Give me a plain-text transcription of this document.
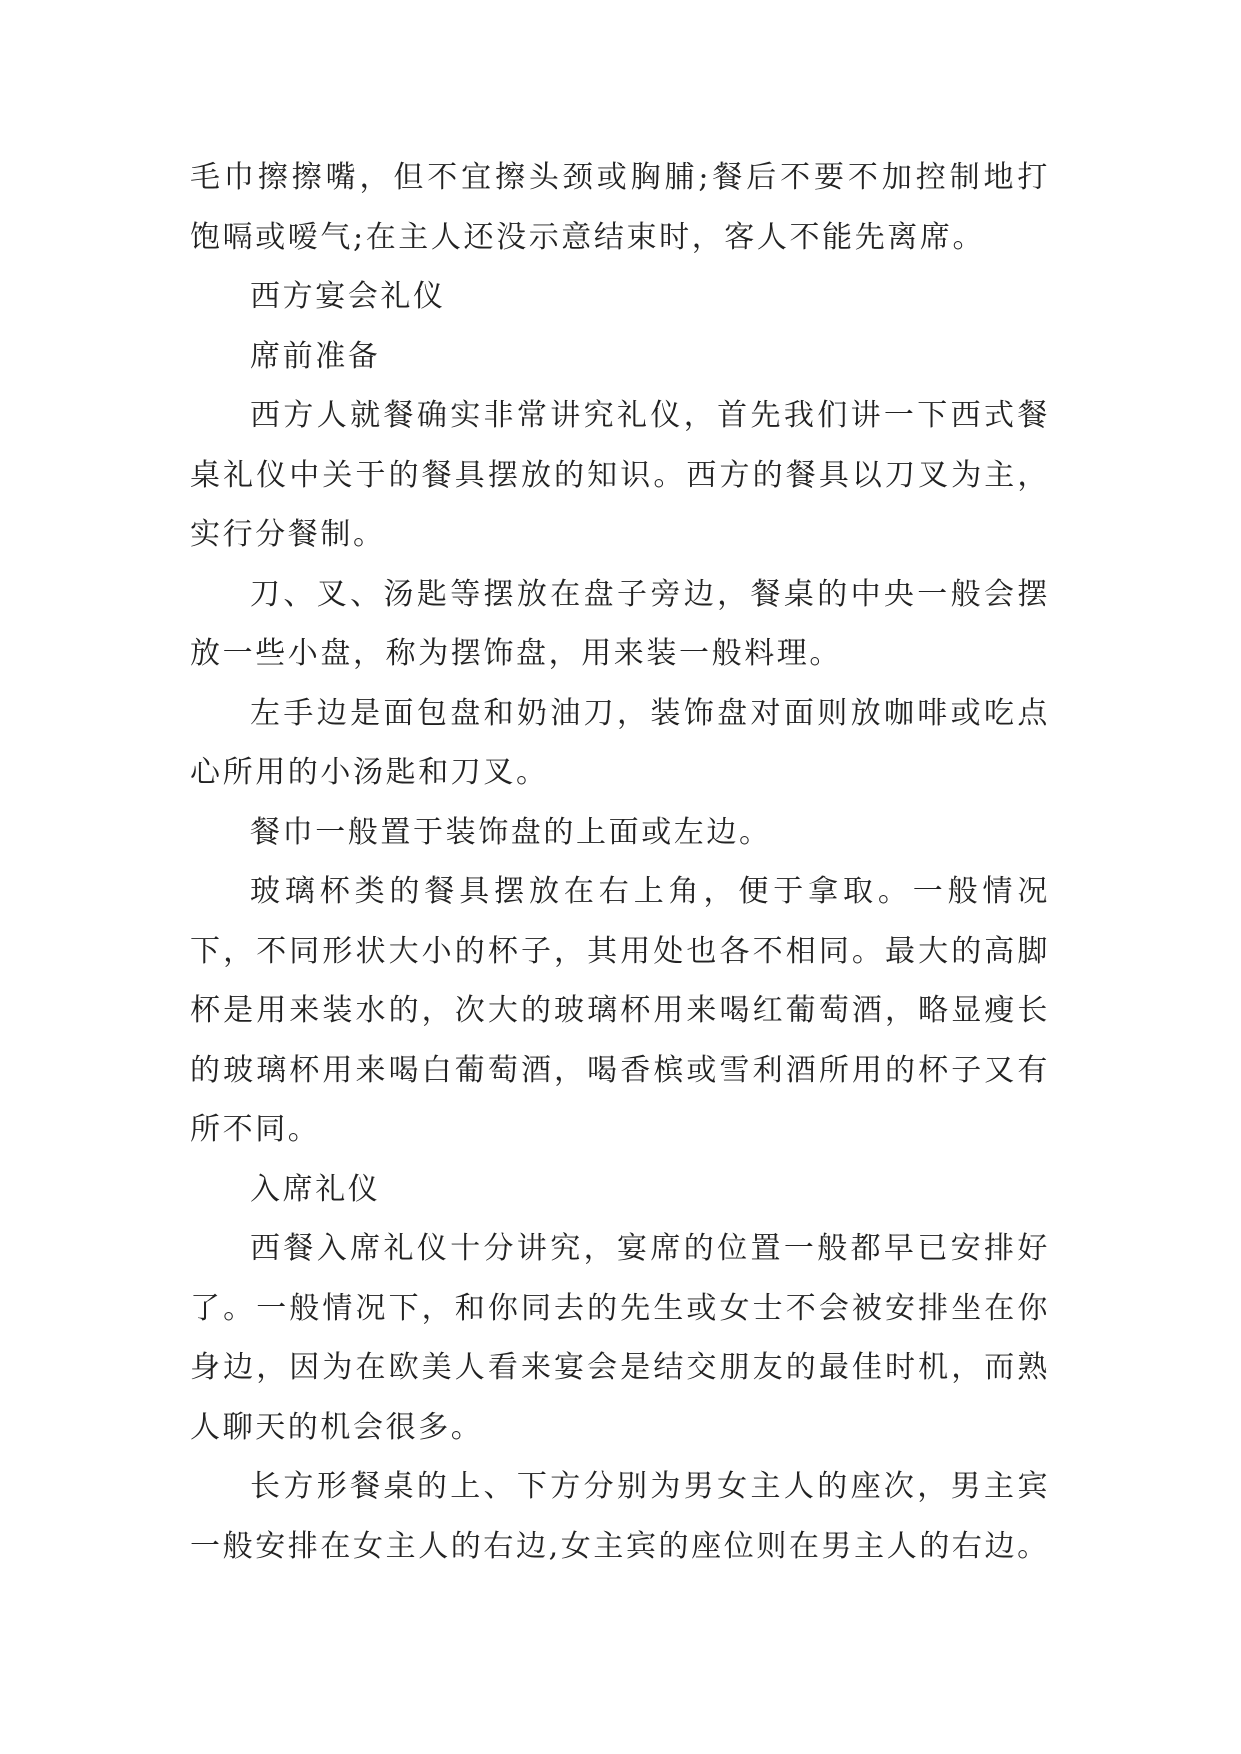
毛巾擦擦嘴，但不宜擦头颈或胸脯;餐后不要不加控制地打饱嗝或嗳气;在主人还没示意结束时，客人不能先离席。

西方宴会礼仪

席前准备

西方人就餐确实非常讲究礼仪，首先我们讲一下西式餐桌礼仪中关于的餐具摆放的知识。西方的餐具以刀叉为主，实行分餐制。

刀、叉、汤匙等摆放在盘子旁边，餐桌的中央一般会摆放一些小盘，称为摆饰盘，用来装一般料理。

左手边是面包盘和奶油刀，装饰盘对面则放咖啡或吃点心所用的小汤匙和刀叉。

餐巾一般置于装饰盘的上面或左边。

玻璃杯类的餐具摆放在右上角，便于拿取。一般情况下，不同形状大小的杯子，其用处也各不相同。最大的高脚杯是用来装水的，次大的玻璃杯用来喝红葡萄酒，略显瘦长的玻璃杯用来喝白葡萄酒，喝香槟或雪利酒所用的杯子又有所不同。

入席礼仪

西餐入席礼仪十分讲究，宴席的位置一般都早已安排好了。一般情况下，和你同去的先生或女士不会被安排坐在你身边，因为在欧美人看来宴会是结交朋友的最佳时机，而熟人聊天的机会很多。

长方形餐桌的上、下方分别为男女主人的座次，男主宾一般安排在女主人的右边,女主宾的座位则在男主人的右边。
